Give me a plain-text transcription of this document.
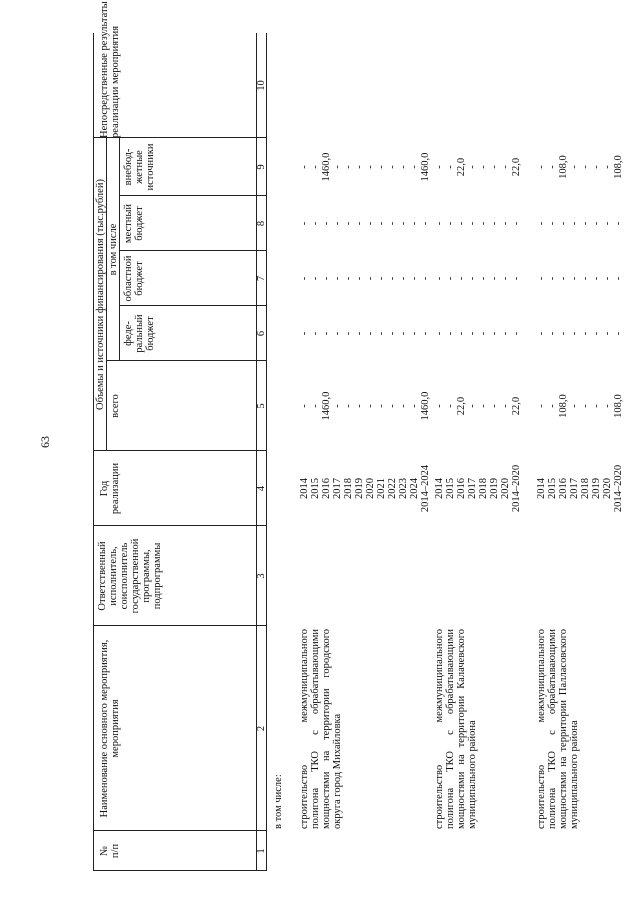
63
№
п/п
Наименование основного мероприятия,
мероприятия
Ответственный
исполнитель,
соисполнитель
государственной
программы,
подпрограммы
Год
реализации
Объемы и источники финансирования (тыс.рублей) всего
в том числе
феде-
ральный
бюджет
областной
бюджет
местный
бюджет
внебюд-
жетные
источники
Непосредственные результаты
реализации мероприятия
1
2
3
4
5
6
7
8
9
10
в том числе: строительство межмуниципального полигона ТКО с обрабатывающими мощностями на территории городского округа город Михайловка
2014
2015
2016
2017
2018
2019
2020
2021
2022
2023
2024
2014–2024
-
-
1460,0
-
-
-
-
-
-
-
-
1460,0
-
-
-
-
-
-
-
-
-
-
-
-
-
-
-
-
-
-
-
-
-
-
-
-
-
-
-
-
-
-
-
-
-
-
-
-
-
-
1460,0
-
-
-
-
-
-
-
-
1460,0
строительство межмуниципального полигона ТКО с обрабатывающими мощностями на территории Калачевского муниципального района
2014
2015
2016
2017
2018
2019
2020
2014–2020
-
-
22,0
-
-
-
-
22,0
-
-
-
-
-
-
-
-
-
-
-
-
-
-
-
-
-
-
-
-
-
-
-
-
-
-
22,0
-
-
-
-
22,0
строительство межмуниципального полигона ТКО с обрабатывающими мощностями на территории Палласовского муниципального района
2014
2015
2016
2017
2018
2019
2020
2014–2020
-
-
108,0
-
-
-
-
108,0
-
-
-
-
-
-
-
-
-
-
-
-
-
-
-
-
-
-
-
-
-
-
-
-
-
-
108,0
-
-
-
-
108,0
